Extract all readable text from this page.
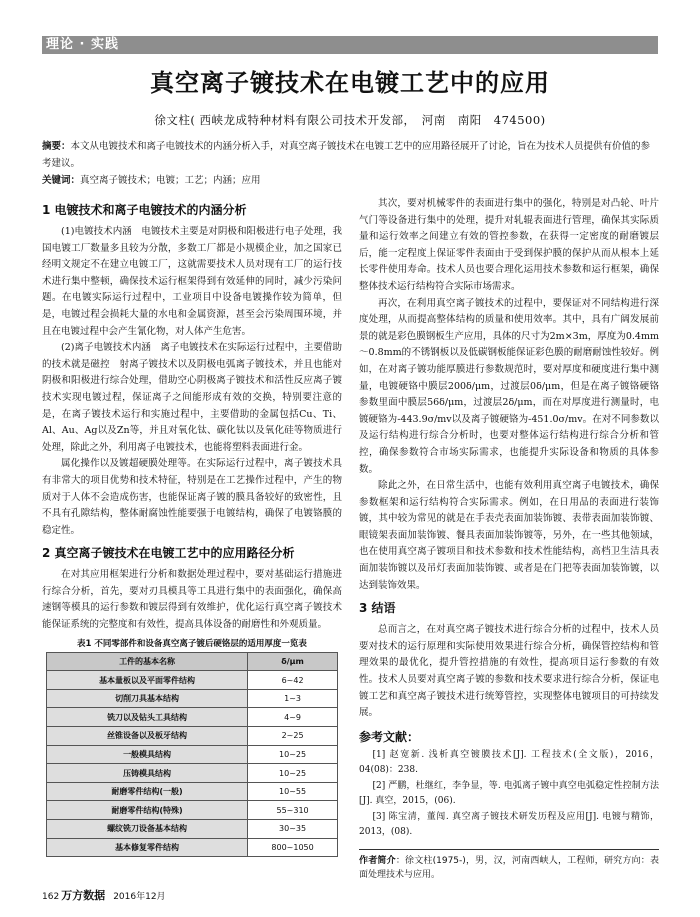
理论 · 实践
真空离子镀技术在电镀工艺中的应用
徐文柱( 西峡龙成特种材料有限公司技术开发部，　河南　南阳　474500)
摘要：本文从电镀技术和离子电镀技术的内涵分析入手，对真空离子镀技术在电镀工艺中的应用路径展开了讨论，旨在为技术人员提供有价值的参考建议。
关键词：真空离子镀技术；电镀；工艺；内涵；应用
1 电镀技术和离子电镀技术的内涵分析

(1)电镀技术内涵　电镀技术主要是对阴极和阳极进行电子处理，我国电镀工厂数量多且较为分散，多数工厂都是小规模企业，加之国家已经明文规定不在建立电镀工厂，这就需要技术人员对现有工厂的运行技术进行集中整顿，确保技术运行框架得到有效延伸的同时，减少污染问题。在电镀实际运行过程中，工业项目中设备电镀操作较为简单，但是，电镀过程会损耗大量的水电和金属资源，甚至会污染周围环境，并且在电镀过程中会产生氰化物，对人体产生危害。

(2)离子电镀技术内涵　离子电镀技术在实际运行过程中，主要借助的技术就是磁控　射离子镀技术以及阴极电弧离子镀技术，并且也能对阴极和阳极进行综合处理，借助空心阴极离子镀技术和活性反应离子镀技术实现电镀过程，保证离子之间能形成有效的交换，特别要注意的是，在离子镀技术运行和实施过程中，主要借助的金属包括Cu、Ti、Al、Au、Ag以及Zn等，并且对氧化钛、碳化钛以及氧化硅等物质进行处理，除此之外，利用离子电镀技术，也能将塑料表面进行金。

属化操作以及镀超硬膜处理等。在实际运行过程中，离子镀技术具有非常大的项目优势和技术特征，特别是在工艺操作过程中，产生的物质对于人体不会造成伤害，也能保证离子镀的膜具备较好的致密性，且不具有孔隙结构，整体耐腐蚀性能要强于电镀结构，确保了电镀铬膜的稳定性。

2 真空离子镀技术在电镀工艺中的应用路径分析

在对其应用框架进行分析和数据处理过程中，要对基础运行措施进行综合分析，首先，要对刃具模具等工具进行集中的表面强化，确保高速钢等模具的运行参数和镀层得到有效维护，优化运行真空离子镀技术能保证系统的完整度和有效性，提高具体设备的耐磨性和外观质量。

表1 不同零部件和设备真空离子镀后硬铬层的适用厚度一览表
工件的基本名称	δ/μm
基本量板以及平面零件结构	6~42
切削刀具基本结构	1~3
铣刀以及钻头工具结构	4~9
丝锥设备以及板牙结构	2~25
一般模具结构	10~25
压铸模具结构	10~25
耐磨零件结构(一般)	10~55
耐磨零件结构(特殊)	55~310
螺纹铣刀设备基本结构	30~35
基本修复零件结构	800~1050

其次，要对机械零件的表面进行集中的强化，特别是对凸轮、叶片气门等设备进行集中的处理，提升对轧辊表面进行管理，确保其实际质量和运行效率之间建立有效的管控参数，在获得一定密度的耐磨镀层后，能一定程度上保证零件表面由于受到保护膜的保护从而从根本上延长零件使用寿命。技术人员也要合理化运用技术参数和运行框架，确保整体技术运行结构符合实际市场需求。

再次，在利用真空离子镀技术的过程中，要保证对不同结构进行深度处理，从而提高整体结构的质量和使用效率。其中，具有广阔发展前景的就是彩色膜钢板生产应用，具体的尺寸为2m×3m，厚度为0.4mm～0.8mm的不锈钢板以及低碳钢板能保证彩色膜的耐磨耐蚀性较好。例如，在对离子镀功能厚膜进行参数规范时，要对厚度和硬度进行集中测量，电镀硬铬中膜层200δ/μm，过渡层0δ/μm，但是在离子镀铬硬铬参数里面中膜层56δ/μm，过渡层2δ/μm，而在对厚度进行测量时，电镀硬铬为-443.9σ/mv以及离子镀硬铬为-451.0σ/mv。在对不同参数以及运行结构进行综合分析时，也要对整体运行结构进行综合分析和管控，确保参数符合市场实际需求，也能提升实际设备和物质的具体参数。

除此之外，在日常生活中，也能有效利用真空离子电镀技术，确保参数框架和运行结构符合实际需求。例如，在日用品的表面进行装饰镀，其中较为常见的就是在手表壳表面加装饰镀、表带表面加装饰镀、眼镜架表面加装饰镀、餐具表面加装饰镀等，另外，在一些其他领域，也在使用真空离子镀项目和技术参数和技术性能结构，高档卫生洁具表面加装饰镀以及吊灯表面加装饰镀、或者是在门把等表面加装饰镀，以达到装饰效果。

3 结语

总而言之，在对真空离子镀技术进行综合分析的过程中，技术人员要对技术的运行原理和实际使用效果进行综合分析，确保管控结构和管理效果的最优化，提升管控措施的有效性，提高项目运行参数的有效性。技术人员要对真空离子镀的参数和技术要求进行综合分析，保证电镀工艺和真空离子镀技术进行统筹管控，实现整体电镀项目的可持续发展。

参考文献：

[1] 赵宽新. 浅析真空镀膜技术[J]. 工程技术(全文版)，2016，04(08)：238.

[2] 严鹏，杜继红，李争显，等. 电弧离子镀中真空电弧稳定性控制方法[J]. 真空，2015，(06).

[3] 陈宝清，董闯. 真空离子镀技术研发历程及应用[J]. 电镀与精饰，2013，(08).

作者简介：徐文柱(1975-)，男，汉，河南西峡人，工程师，研究方向：表面处理技术与应用。
162 万方数据 2016年12月
